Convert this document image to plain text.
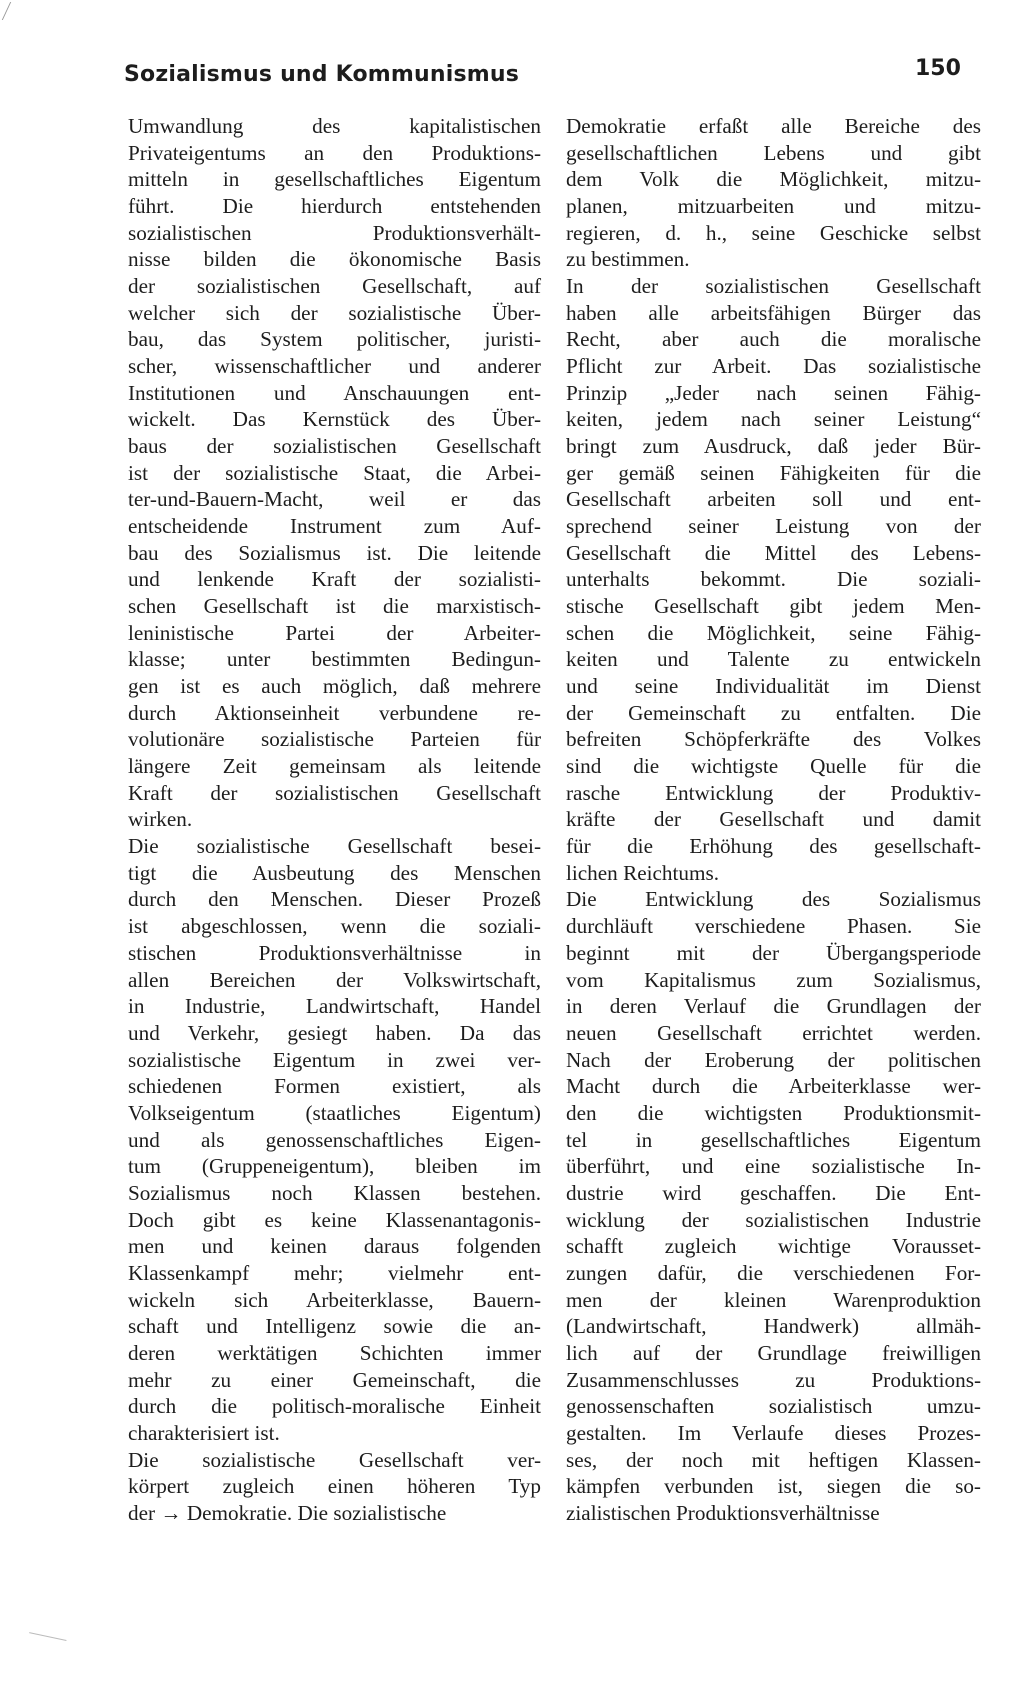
Sozialismus und Kommunismus	150
Umwandlung des kapitalistischen
Privateigentums an den Produktions-
mitteln in gesellschaftliches Eigentum
führt. Die hierdurch entstehenden
sozialistischen Produktionsverhält-
nisse bilden die ökonomische Basis
der sozialistischen Gesellschaft, auf
welcher sich der sozialistische Über-
bau, das System politischer, juristi-
scher, wissenschaftlicher und anderer
Institutionen und Anschauungen ent-
wickelt. Das Kernstück des Über-
baus der sozialistischen Gesellschaft
ist der sozialistische Staat, die Arbei-
ter-und-Bauern-Macht, weil er das
entscheidende Instrument zum Auf-
bau des Sozialismus ist. Die leitende
und lenkende Kraft der sozialisti-
schen Gesellschaft ist die marxistisch-
leninistische Partei der Arbeiter-
klasse; unter bestimmten Bedingun-
gen ist es auch möglich, daß mehrere
durch Aktionseinheit verbundene re-
volutionäre sozialistische Parteien für
längere Zeit gemeinsam als leitende
Kraft der sozialistischen Gesellschaft
wirken.
Die sozialistische Gesellschaft besei-
tigt die Ausbeutung des Menschen
durch den Menschen. Dieser Prozeß
ist abgeschlossen, wenn die soziali-
stischen Produktionsverhältnisse in
allen Bereichen der Volkswirtschaft,
in Industrie, Landwirtschaft, Handel
und Verkehr, gesiegt haben. Da das
sozialistische Eigentum in zwei ver-
schiedenen Formen existiert, als
Volkseigentum (staatliches Eigentum)
und als genossenschaftliches Eigen-
tum (Gruppeneigentum), bleiben im
Sozialismus noch Klassen bestehen.
Doch gibt es keine Klassenantagonis-
men und keinen daraus folgenden
Klassenkampf mehr; vielmehr ent-
wickeln sich Arbeiterklasse, Bauern-
schaft und Intelligenz sowie die an-
deren werktätigen Schichten immer
mehr zu einer Gemeinschaft, die
durch die politisch-moralische Einheit
charakterisiert ist.
Die sozialistische Gesellschaft ver-
körpert zugleich einen höheren Typ
der → Demokratie. Die sozialistische
Demokratie erfaßt alle Bereiche des
gesellschaftlichen Lebens und gibt
dem Volk die Möglichkeit, mitzu-
planen, mitzuarbeiten und mitzu-
regieren, d. h., seine Geschicke selbst
zu bestimmen.
In der sozialistischen Gesellschaft
haben alle arbeitsfähigen Bürger das
Recht, aber auch die moralische
Pflicht zur Arbeit. Das sozialistische
Prinzip „Jeder nach seinen Fähig-
keiten, jedem nach seiner Leistung“
bringt zum Ausdruck, daß jeder Bür-
ger gemäß seinen Fähigkeiten für die
Gesellschaft arbeiten soll und ent-
sprechend seiner Leistung von der
Gesellschaft die Mittel des Lebens-
unterhalts bekommt. Die soziali-
stische Gesellschaft gibt jedem Men-
schen die Möglichkeit, seine Fähig-
keiten und Talente zu entwickeln
und seine Individualität im Dienst
der Gemeinschaft zu entfalten. Die
befreiten Schöpferkräfte des Volkes
sind die wichtigste Quelle für die
rasche Entwicklung der Produktiv-
kräfte der Gesellschaft und damit
für die Erhöhung des gesellschaft-
lichen Reichtums.
Die Entwicklung des Sozialismus
durchläuft verschiedene Phasen. Sie
beginnt mit der Übergangsperiode
vom Kapitalismus zum Sozialismus,
in deren Verlauf die Grundlagen der
neuen Gesellschaft errichtet werden.
Nach der Eroberung der politischen
Macht durch die Arbeiterklasse wer-
den die wichtigsten Produktionsmit-
tel in gesellschaftliches Eigentum
überführt, und eine sozialistische In-
dustrie wird geschaffen. Die Ent-
wicklung der sozialistischen Industrie
schafft zugleich wichtige Vorausset-
zungen dafür, die verschiedenen For-
men der kleinen Warenproduktion
(Landwirtschaft, Handwerk) allmäh-
lich auf der Grundlage freiwilligen
Zusammenschlusses zu Produktions-
genossenschaften sozialistisch umzu-
gestalten. Im Verlaufe dieses Prozes-
ses, der noch mit heftigen Klassen-
kämpfen verbunden ist, siegen die so-
zialistischen Produktionsverhältnisse
